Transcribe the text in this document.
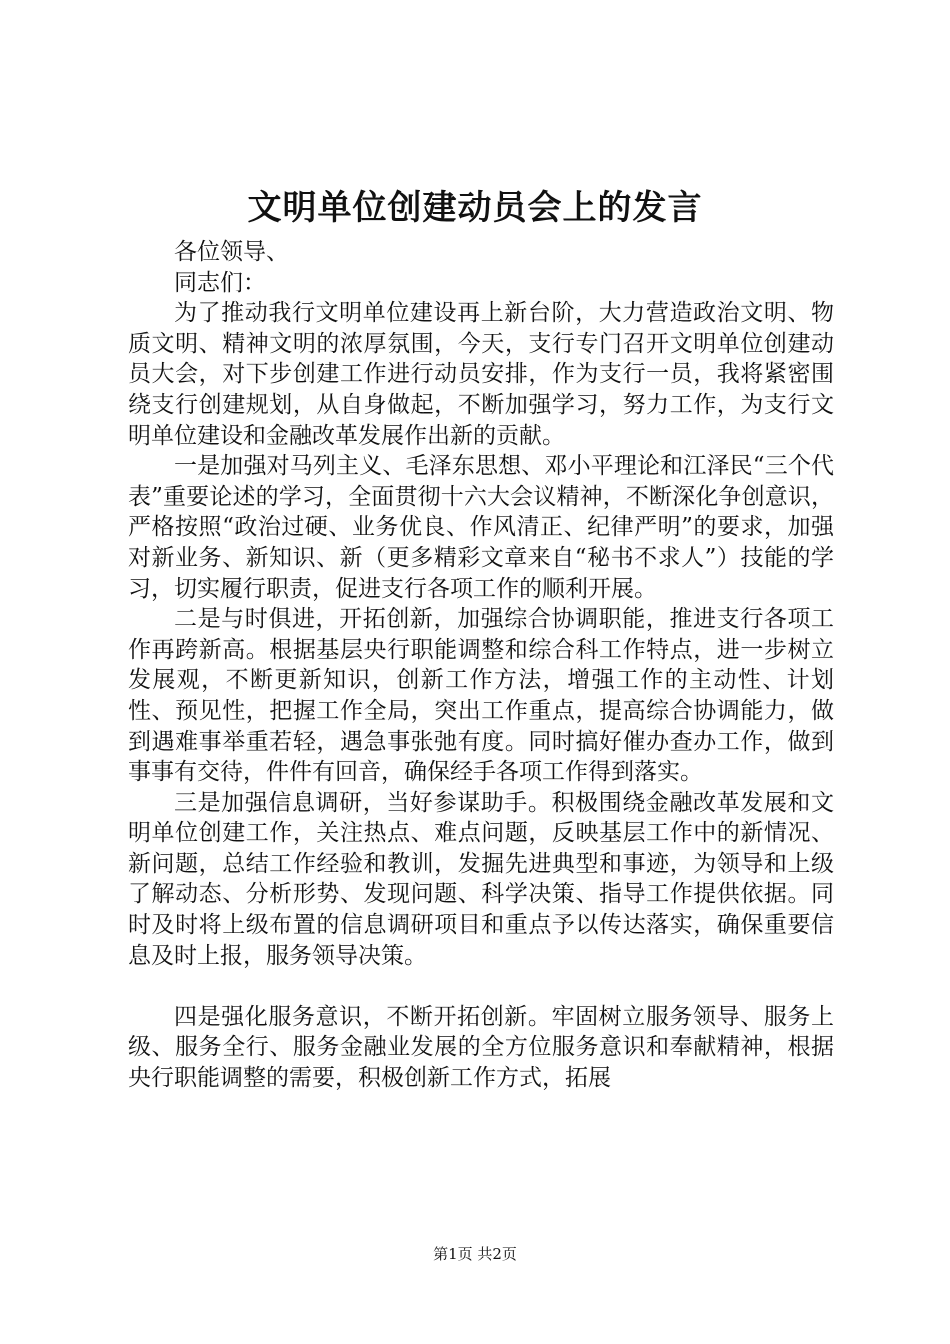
文明单位创建动员会上的发言

各位领导、

同志们：

为了推动我行文明单位建设再上新台阶，大力营造政治文明、物质文明、精神文明的浓厚氛围，今天，支行专门召开文明单位创建动员大会，对下步创建工作进行动员安排，作为支行一员，我将紧密围绕支行创建规划，从自身做起，不断加强学习，努力工作，为支行文明单位建设和金融改革发展作出新的贡献。

一是加强对马列主义、毛泽东思想、邓小平理论和江泽民“三个代表”重要论述的学习，全面贯彻十六大会议精神，不断深化争创意识，严格按照“政治过硬、业务优良、作风清正、纪律严明”的要求，加强对新业务、新知识、新（更多精彩文章来自“秘书不求人”）技能的学习，切实履行职责，促进支行各项工作的顺利开展。

二是与时俱进，开拓创新，加强综合协调职能，推进支行各项工作再跨新高。根据基层央行职能调整和综合科工作特点，进一步树立发展观，不断更新知识，创新工作方法，增强工作的主动性、计划性、预见性，把握工作全局，突出工作重点，提高综合协调能力，做到遇难事举重若轻，遇急事张弛有度。同时搞好催办查办工作，做到事事有交待，件件有回音，确保经手各项工作得到落实。

三是加强信息调研，当好参谋助手。积极围绕金融改革发展和文明单位创建工作，关注热点、难点问题，反映基层工作中的新情况、新问题，总结工作经验和教训，发掘先进典型和事迹，为领导和上级了解动态、分析形势、发现问题、科学决策、指导工作提供依据。同时及时将上级布置的信息调研项目和重点予以传达落实，确保重要信息及时上报，服务领导决策。

四是强化服务意识，不断开拓创新。牢固树立服务领导、服务上级、服务全行、服务金融业发展的全方位服务意识和奉献精神，根据央行职能调整的需要，积极创新工作方式，拓展

第1页 共2页
